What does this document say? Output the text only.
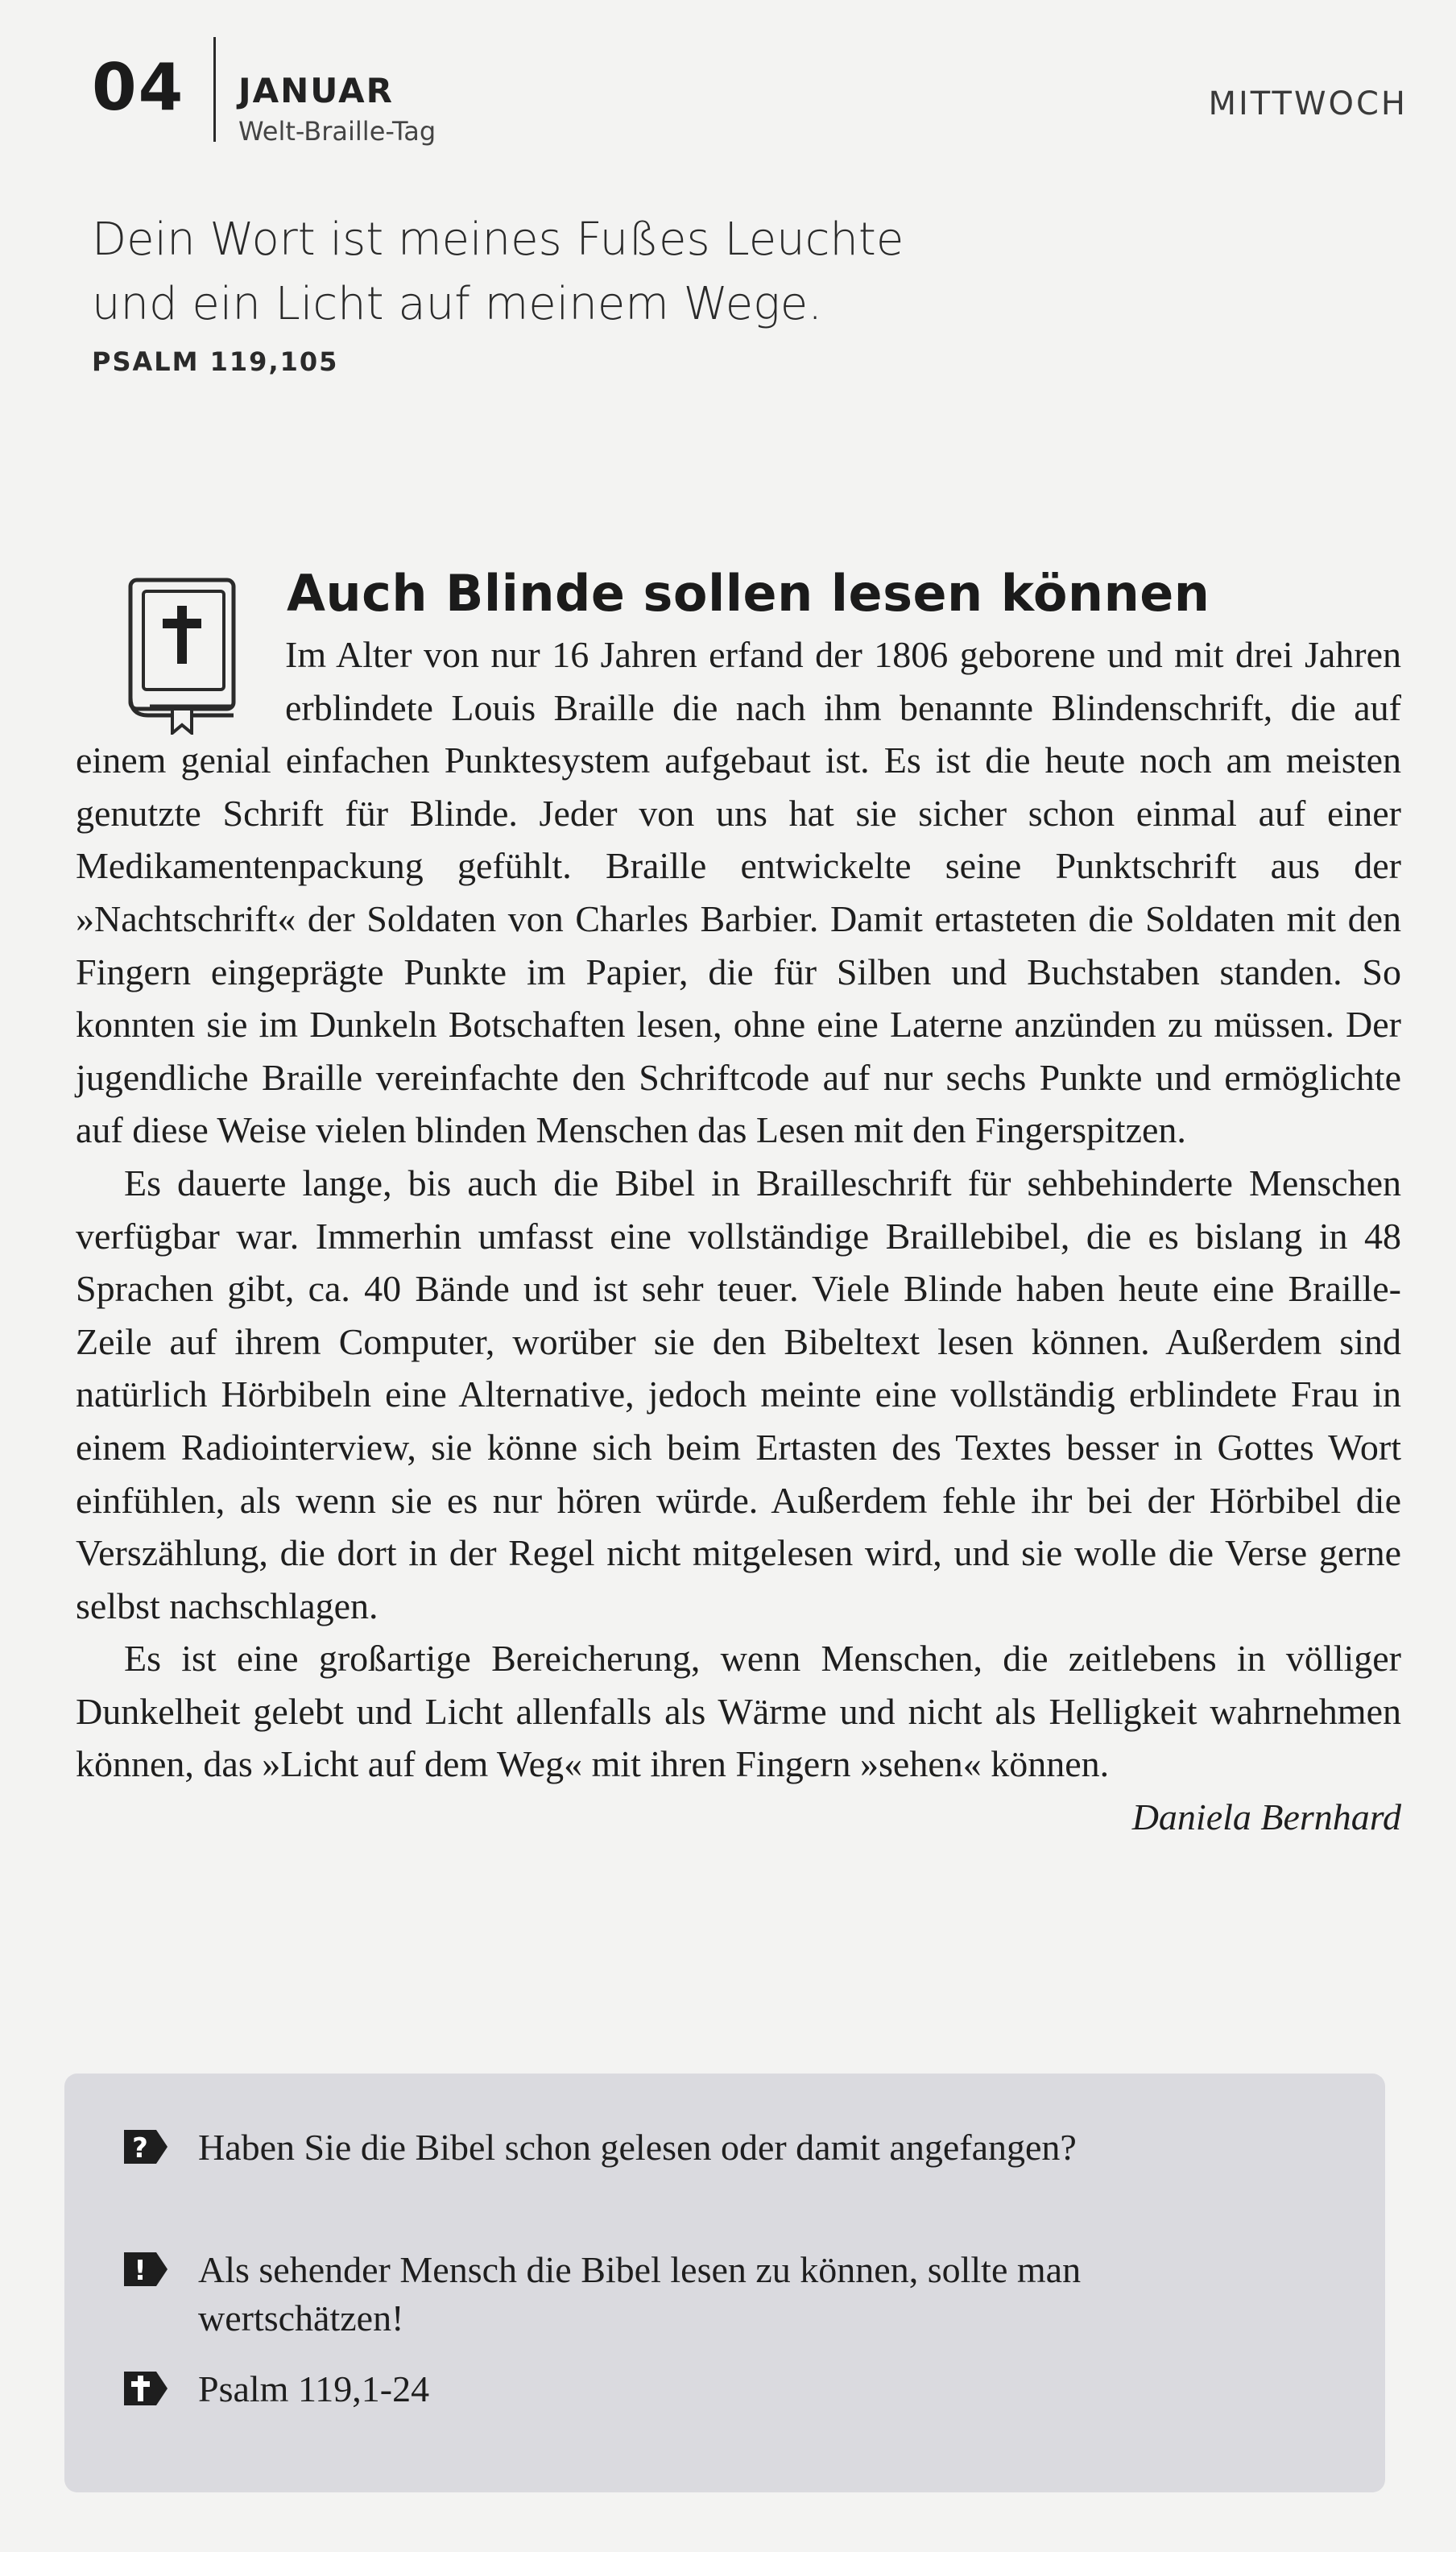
04 JANUAR
Welt-Braille-Tag
MITTWOCH
Dein Wort ist meines Fußes Leuchte
und ein Licht auf meinem Wege.
PSALM 119,105
Auch Blinde sollen lesen können

Im Alter von nur 16 Jahren erfand der 1806 geborene und mit drei Jahren erblindete Louis Braille die nach ihm benannte Blindenschrift, die auf einem genial einfachen Punktesystem aufgebaut ist. Es ist die heute noch am meisten genutzte Schrift für Blinde. Jeder von uns hat sie sicher schon einmal auf einer Medikamentenpackung gefühlt. Braille entwickelte seine Punktschrift aus der »Nachtschrift« der Soldaten von Charles Barbier. Damit ertasteten die Soldaten mit den Fingern eingeprägte Punkte im Papier, die für Silben und Buchstaben standen. So konnten sie im Dunkeln Botschaften lesen, ohne eine Laterne anzünden zu müssen. Der jugendliche Braille vereinfachte den Schriftcode auf nur sechs Punkte und ermöglichte auf diese Weise vielen blinden Menschen das Lesen mit den Fingerspitzen.

Es dauerte lange, bis auch die Bibel in Brailleschrift für sehbehinderte Menschen verfügbar war. Immerhin umfasst eine vollständige Braillebibel, die es bislang in 48 Sprachen gibt, ca. 40 Bände und ist sehr teuer. Viele Blinde haben heute eine Braille-Zeile auf ihrem Computer, worüber sie den Bibeltext lesen können. Außerdem sind natürlich Hörbibeln eine Alternative, jedoch meinte eine vollständig erblindete Frau in einem Radiointerview, sie könne sich beim Ertasten des Textes besser in Gottes Wort einfühlen, als wenn sie es nur hören würde. Außerdem fehle ihr bei der Hörbibel die Verszählung, die dort in der Regel nicht mitgelesen wird, und sie wolle die Verse gerne selbst nachschlagen.

Es ist eine großartige Bereicherung, wenn Menschen, die zeitlebens in völliger Dunkelheit gelebt und Licht allenfalls als Wärme und nicht als Helligkeit wahrnehmen können, das »Licht auf dem Weg« mit ihren Fingern »sehen« können.

Daniela Bernhard

? Haben Sie die Bibel schon gelesen oder damit angefangen?
! Als sehender Mensch die Bibel lesen zu können, sollte man wertschätzen!
Psalm 119,1-24
